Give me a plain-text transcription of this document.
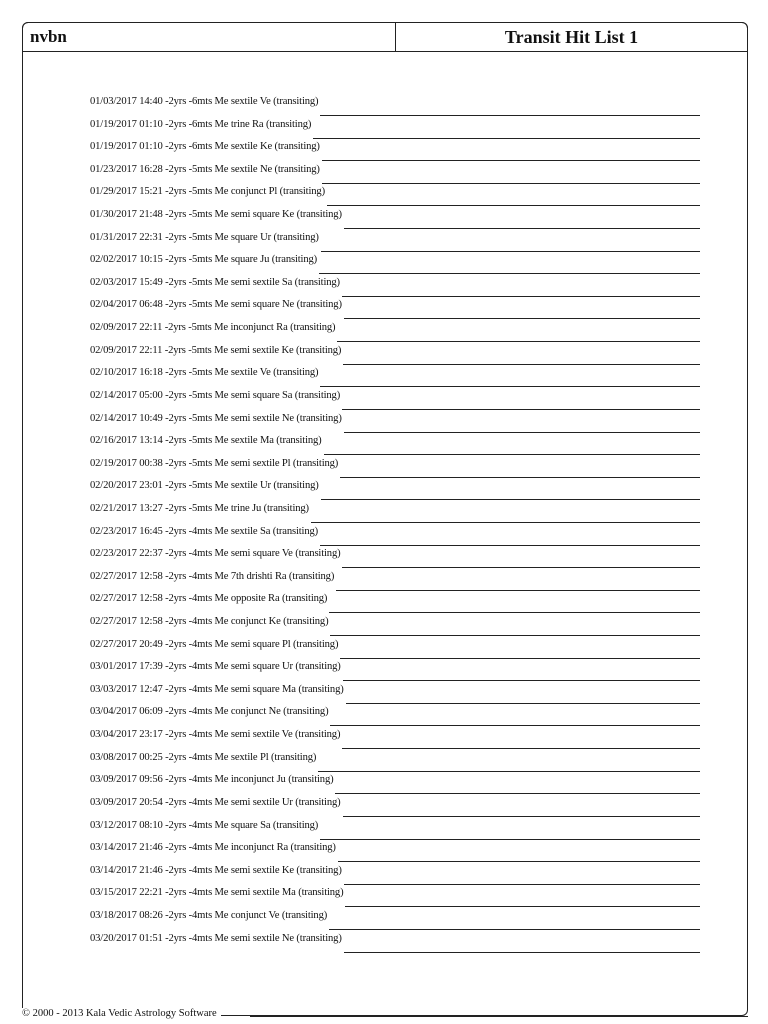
nvbn	Transit Hit List 1
01/03/2017 14:40 -2yrs -6mts Me sextile Ve (transiting)
01/19/2017 01:10 -2yrs -6mts Me trine Ra (transiting)
01/19/2017 01:10 -2yrs -6mts Me sextile Ke (transiting)
01/23/2017 16:28 -2yrs -5mts Me sextile Ne (transiting)
01/29/2017 15:21 -2yrs -5mts Me conjunct Pl (transiting)
01/30/2017 21:48 -2yrs -5mts Me semi square Ke (transiting)
01/31/2017 22:31 -2yrs -5mts Me square Ur (transiting)
02/02/2017 10:15 -2yrs -5mts Me square Ju (transiting)
02/03/2017 15:49 -2yrs -5mts Me semi sextile Sa (transiting)
02/04/2017 06:48 -2yrs -5mts Me semi square Ne (transiting)
02/09/2017 22:11 -2yrs -5mts Me inconjunct Ra (transiting)
02/09/2017 22:11 -2yrs -5mts Me semi sextile Ke (transiting)
02/10/2017 16:18 -2yrs -5mts Me sextile Ve (transiting)
02/14/2017 05:00 -2yrs -5mts Me semi square Sa (transiting)
02/14/2017 10:49 -2yrs -5mts Me semi sextile Ne (transiting)
02/16/2017 13:14 -2yrs -5mts Me sextile Ma (transiting)
02/19/2017 00:38 -2yrs -5mts Me semi sextile Pl (transiting)
02/20/2017 23:01 -2yrs -5mts Me sextile Ur (transiting)
02/21/2017 13:27 -2yrs -5mts Me trine Ju (transiting)
02/23/2017 16:45 -2yrs -4mts Me sextile Sa (transiting)
02/23/2017 22:37 -2yrs -4mts Me semi square Ve (transiting)
02/27/2017 12:58 -2yrs -4mts Me 7th drishti Ra (transiting)
02/27/2017 12:58 -2yrs -4mts Me opposite Ra (transiting)
02/27/2017 12:58 -2yrs -4mts Me conjunct Ke (transiting)
02/27/2017 20:49 -2yrs -4mts Me semi square Pl (transiting)
03/01/2017 17:39 -2yrs -4mts Me semi square Ur (transiting)
03/03/2017 12:47 -2yrs -4mts Me semi square Ma (transiting)
03/04/2017 06:09 -2yrs -4mts Me conjunct Ne (transiting)
03/04/2017 23:17 -2yrs -4mts Me semi sextile Ve (transiting)
03/08/2017 00:25 -2yrs -4mts Me sextile Pl (transiting)
03/09/2017 09:56 -2yrs -4mts Me inconjunct Ju (transiting)
03/09/2017 20:54 -2yrs -4mts Me semi sextile Ur (transiting)
03/12/2017 08:10 -2yrs -4mts Me square Sa (transiting)
03/14/2017 21:46 -2yrs -4mts Me inconjunct Ra (transiting)
03/14/2017 21:46 -2yrs -4mts Me semi sextile Ke (transiting)
03/15/2017 22:21 -2yrs -4mts Me semi sextile Ma (transiting)
03/18/2017 08:26 -2yrs -4mts Me conjunct Ve (transiting)
03/20/2017 01:51 -2yrs -4mts Me semi sextile Ne (transiting)
© 2000 - 2013 Kala Vedic Astrology Software
